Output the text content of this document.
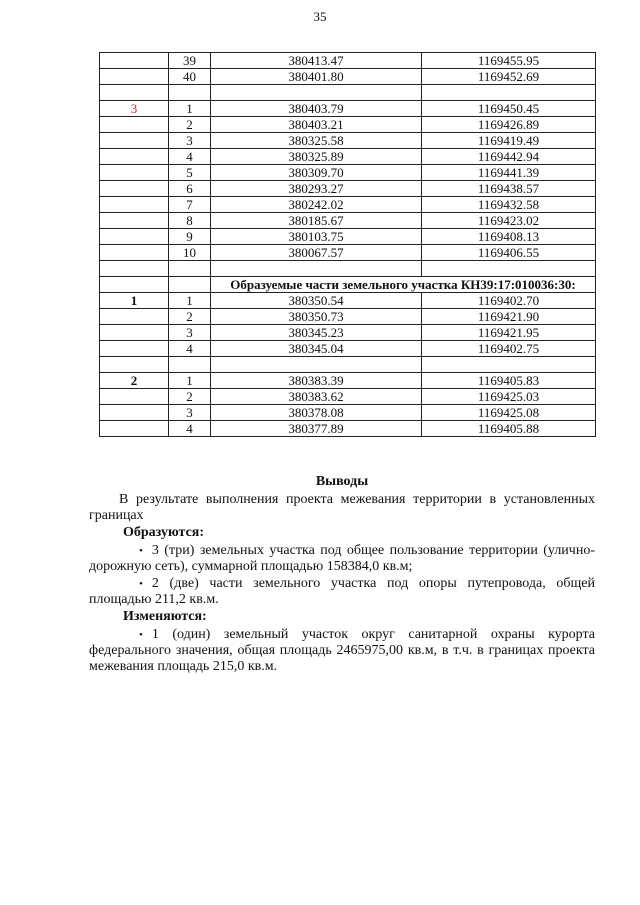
35
	39	380413.47	1169455.95
	40	380401.80	1169452.69

3	1	380403.79	1169450.45
	2	380403.21	1169426.89
	3	380325.58	1169419.49
	4	380325.89	1169442.94
	5	380309.70	1169441.39
	6	380293.27	1169438.57
	7	380242.02	1169432.58
	8	380185.67	1169423.02
	9	380103.75	1169408.13
	10	380067.57	1169406.55

		Образуемые части земельного участка КН39:17:010036:30:	
1	1	380350.54	1169402.70
	2	380350.73	1169421.90
	3	380345.23	1169421.95
	4	380345.04	1169402.75

2	1	380383.39	1169405.83
	2	380383.62	1169425.03
	3	380378.08	1169425.08
	4	380377.89	1169405.88
Выводы

В результате выполнения проекта межевания территории в установленных границах

Образуются:

• 3 (три) земельных участка под общее пользование территории (улично-дорожную сеть), суммарной площадью 158384,0 кв.м;

• 2 (две) части земельного участка под опоры путепровода, общей площадью 211,2 кв.м.

Изменяются:

• 1 (один) земельный участок округ санитарной охраны курорта федерального значения, общая площадь 2465975,00 кв.м, в т.ч. в границах проекта межевания площадь 215,0 кв.м.
